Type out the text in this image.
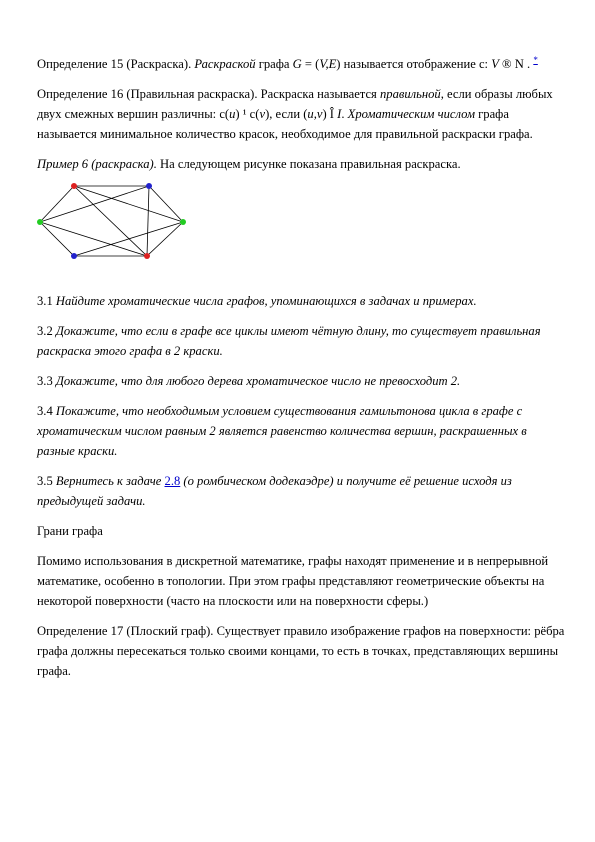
Определение 15 (Раскраска). Раскраской графа G = (V,E) называется отображение c: V ® N . *

Определение 16 (Правильная раскраска). Раскраска называется правильной, если образы любых двух смежных вершин различны: c(u) ¹ c(v), если (u,v) Î I. Хроматическим числом графа называется минимальное количество красок, необходимое для правильной раскраски графа.

Пример 6 (раскраска). На следующем рисунке показана правильная раскраска.

3.1 Найдите хроматические числа графов, упоминающихся в задачах и примерах.

3.2 Докажите, что если в графе все циклы имеют чётную длину, то существует правильная раскраска этого графа в 2 краски.

3.3 Докажите, что для любого дерева хроматическое число не превосходит 2.

3.4 Покажите, что необходимым условием существования гамильтонова цикла в графе с хроматическим числом равным 2 является равенство количества вершин, раскрашенных в разные краски.

3.5 Вернитесь к задаче 2.8 (о ромбическом додекаэдре) и получите её решение исходя из предыдущей задачи.

Грани графа

Помимо использования в дискретной математике, графы находят применение и в непрерывной математике, особенно в топологии. При этом графы представляют геометрические объекты на некоторой поверхности (часто на плоскости или на поверхности сферы.)

Определение 17 (Плоский граф). Существует правило изображение графов на поверхности: рёбра графа должны пересекаться только своими концами, то есть в точках, представляющих вершины графа.
